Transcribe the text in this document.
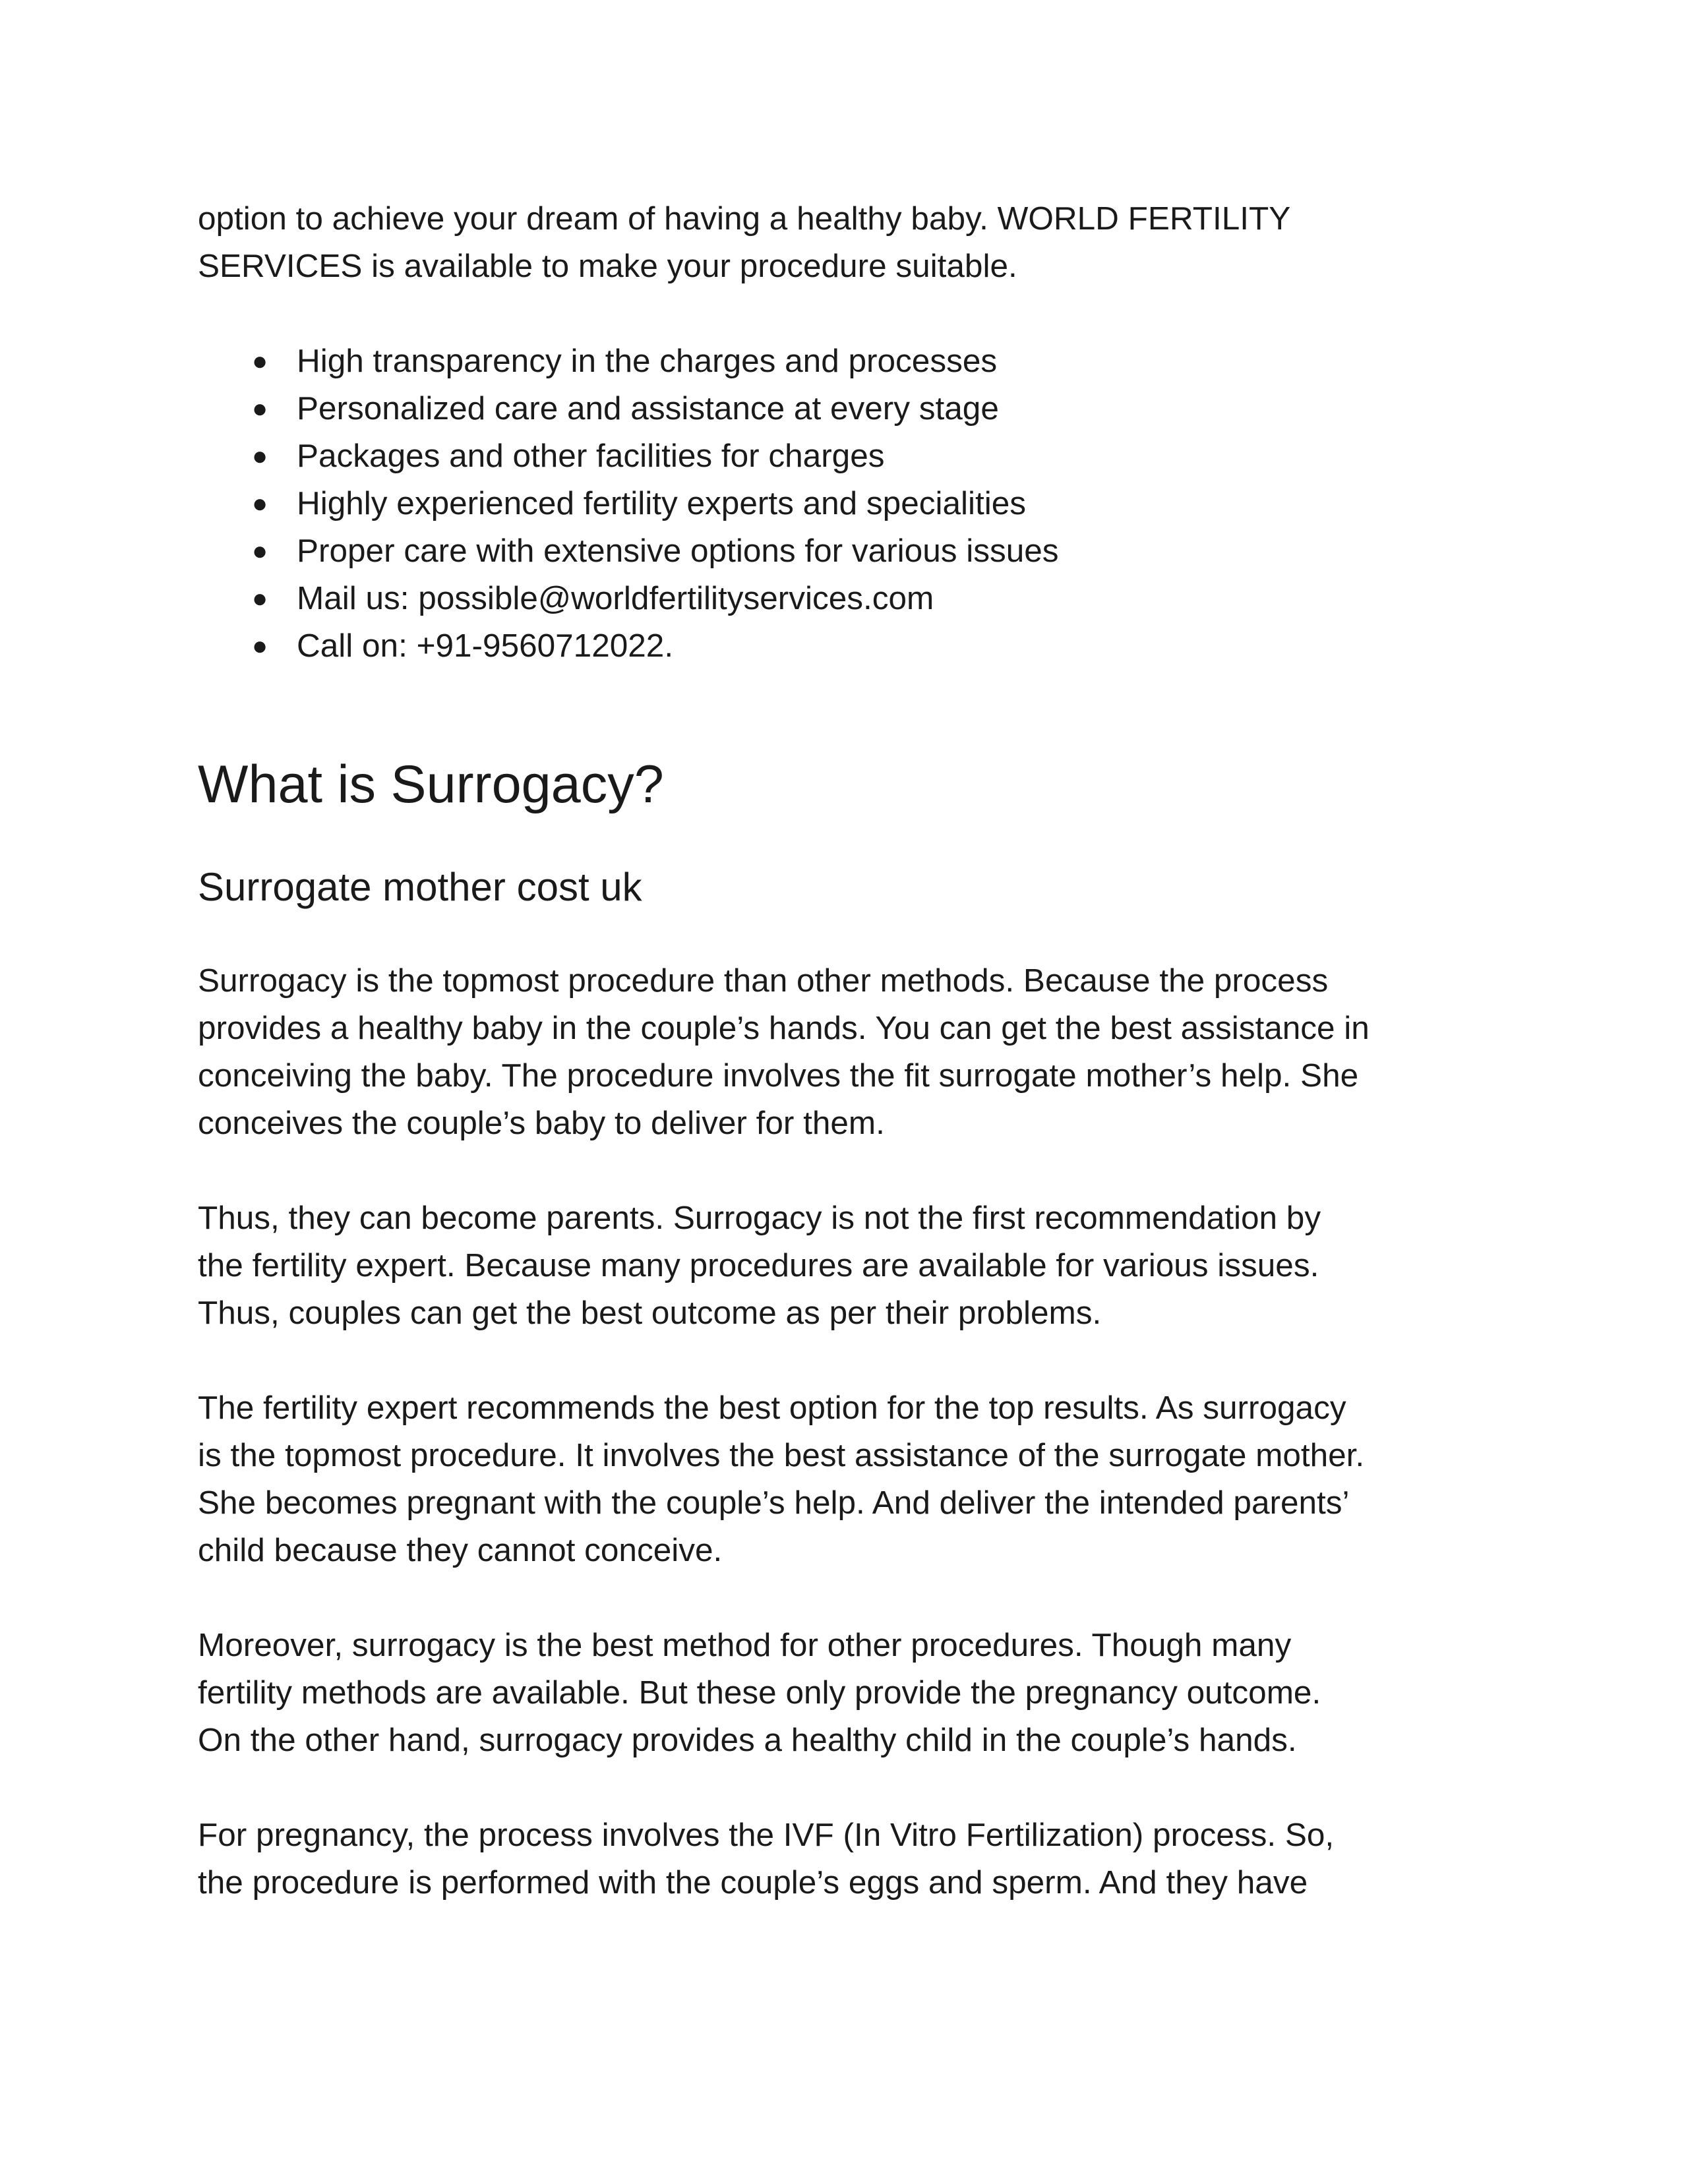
option to achieve your dream of having a healthy baby. WORLD FERTILITY
SERVICES is available to make your procedure suitable.
● High transparency in the charges and processes
● Personalized care and assistance at every stage
● Packages and other facilities for charges
● Highly experienced fertility experts and specialities
● Proper care with extensive options for various issues
● Mail us: possible@worldfertilityservices.com
● Call on: +91-9560712022.
What is Surrogacy?
Surrogate mother cost uk
Surrogacy is the topmost procedure than other methods. Because the process
provides a healthy baby in the couple’s hands. You can get the best assistance in
conceiving the baby. The procedure involves the fit surrogate mother’s help. She
conceives the couple’s baby to deliver for them.
Thus, they can become parents. Surrogacy is not the first recommendation by
the fertility expert. Because many procedures are available for various issues.
Thus, couples can get the best outcome as per their problems.
The fertility expert recommends the best option for the top results. As surrogacy
is the topmost procedure. It involves the best assistance of the surrogate mother.
She becomes pregnant with the couple’s help. And deliver the intended parents’
child because they cannot conceive.
Moreover, surrogacy is the best method for other procedures. Though many
fertility methods are available. But these only provide the pregnancy outcome.
On the other hand, surrogacy provides a healthy child in the couple’s hands.
For pregnancy, the process involves the IVF (In Vitro Fertilization) process. So,
the procedure is performed with the couple’s eggs and sperm. And they have
